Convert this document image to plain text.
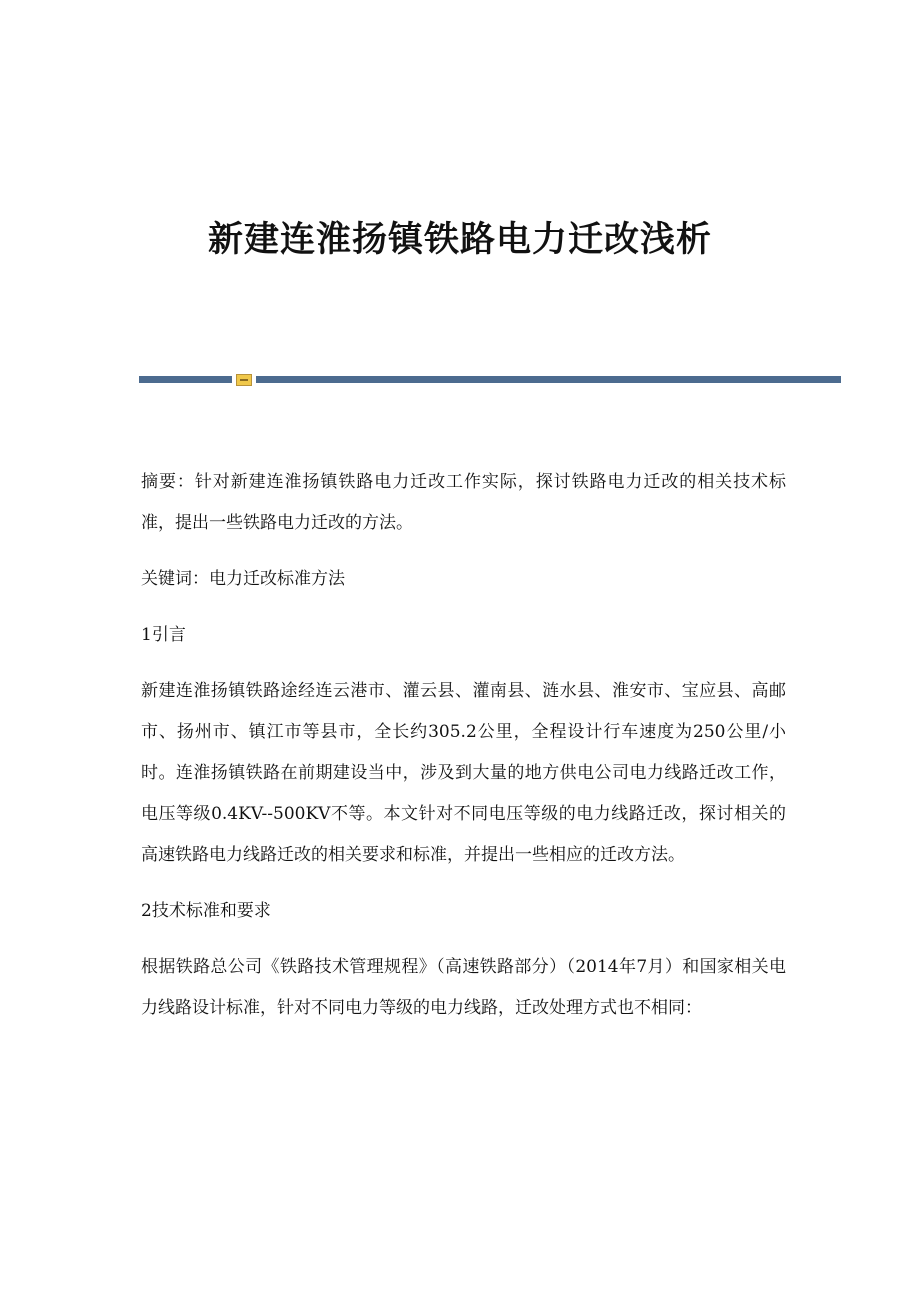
新建连淮扬镇铁路电力迁改浅析

摘要：针对新建连淮扬镇铁路电力迁改工作实际，探讨铁路电力迁改的相关技术标准，提出一些铁路电力迁改的方法。

关键词：电力迁改标准方法

1引言

新建连淮扬镇铁路途经连云港市、灌云县、灌南县、涟水县、淮安市、宝应县、高邮市、扬州市、镇江市等县市，全长约305.2公里，全程设计行车速度为250公里/小时。连淮扬镇铁路在前期建设当中，涉及到大量的地方供电公司电力线路迁改工作，电压等级0.4KV--500KV不等。本文针对不同电压等级的电力线路迁改，探讨相关的高速铁路电力线路迁改的相关要求和标准，并提出一些相应的迁改方法。

2技术标准和要求

根据铁路总公司《铁路技术管理规程》（高速铁路部分）（2014年7月）和国家相关电力线路设计标准，针对不同电力等级的电力线路，迁改处理方式也不相同：
